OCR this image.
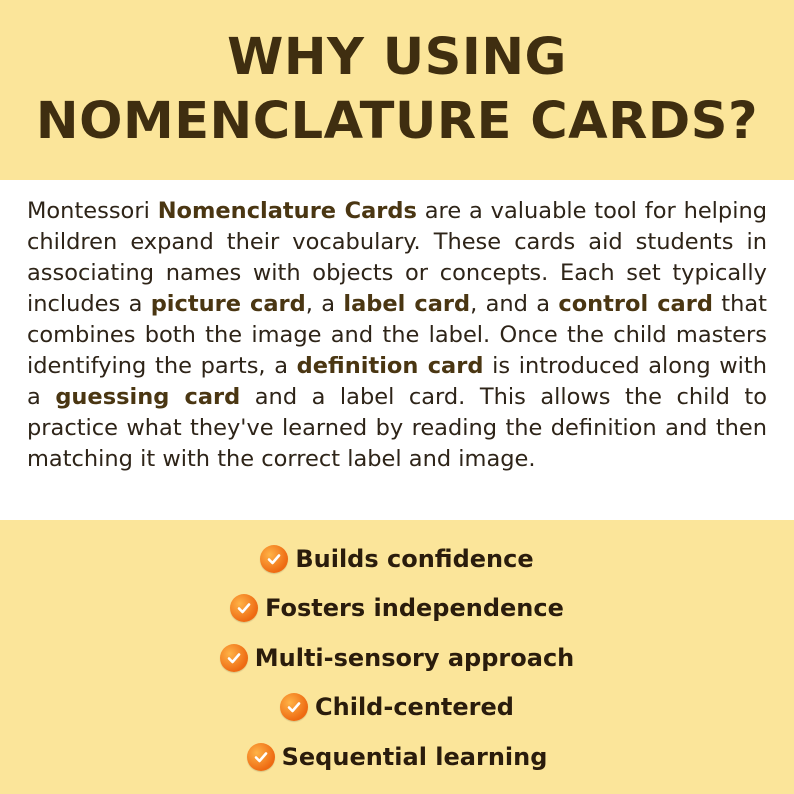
WHY USING
NOMENCLATURE CARDS?

Montessori Nomenclature Cards are a valuable tool for helping children expand their vocabulary. These cards aid students in associating names with objects or concepts. Each set typically includes a picture card, a label card, and a control card that combines both the image and the label. Once the child masters identifying the parts, a definition card is introduced along with a guessing card and a label card. This allows the child to practice what they've learned by reading the definition and then matching it with the correct label and image.

Builds confidence
Fosters independence
Multi-sensory approach
Child-centered
Sequential learning
